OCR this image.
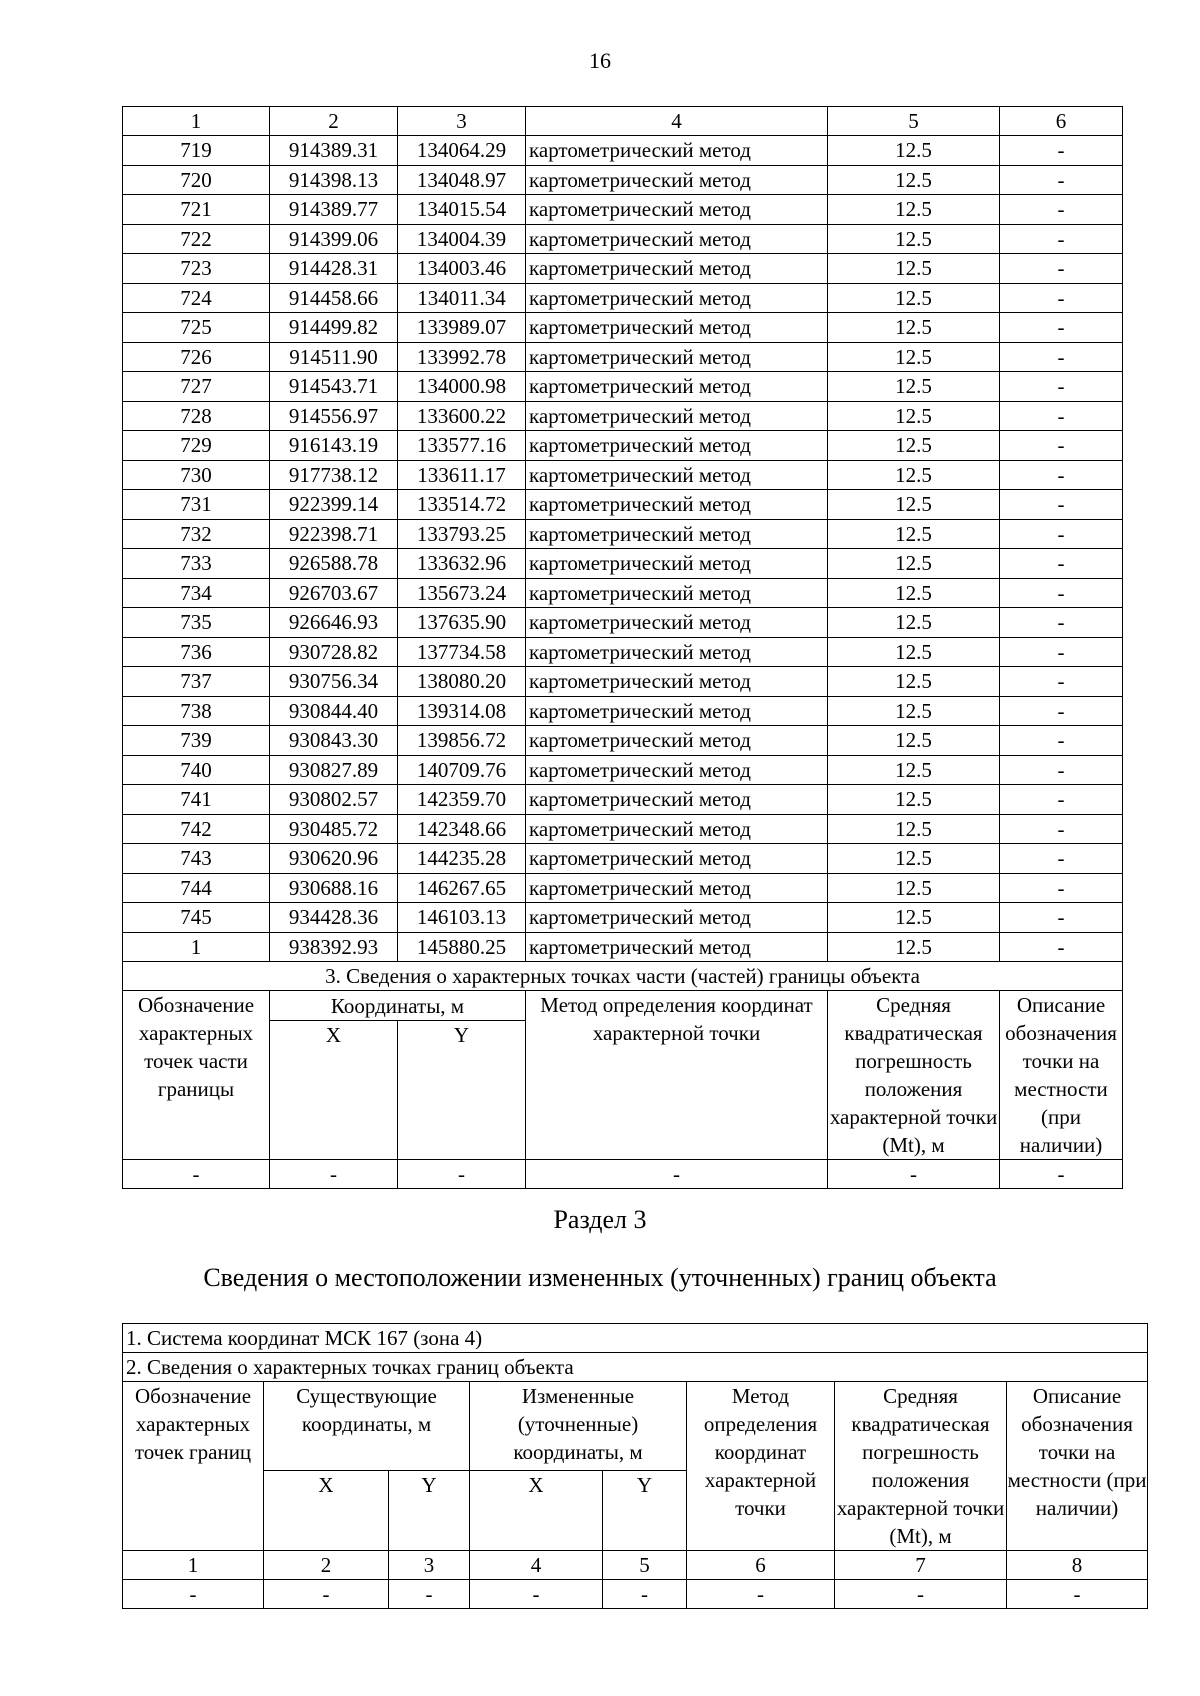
16
1	2	3	4	5	6
719	914389.31	134064.29	картометрический метод	12.5	-
720	914398.13	134048.97	картометрический метод	12.5	-
721	914389.77	134015.54	картометрический метод	12.5	-
722	914399.06	134004.39	картометрический метод	12.5	-
723	914428.31	134003.46	картометрический метод	12.5	-
724	914458.66	134011.34	картометрический метод	12.5	-
725	914499.82	133989.07	картометрический метод	12.5	-
726	914511.90	133992.78	картометрический метод	12.5	-
727	914543.71	134000.98	картометрический метод	12.5	-
728	914556.97	133600.22	картометрический метод	12.5	-
729	916143.19	133577.16	картометрический метод	12.5	-
730	917738.12	133611.17	картометрический метод	12.5	-
731	922399.14	133514.72	картометрический метод	12.5	-
732	922398.71	133793.25	картометрический метод	12.5	-
733	926588.78	133632.96	картометрический метод	12.5	-
734	926703.67	135673.24	картометрический метод	12.5	-
735	926646.93	137635.90	картометрический метод	12.5	-
736	930728.82	137734.58	картометрический метод	12.5	-
737	930756.34	138080.20	картометрический метод	12.5	-
738	930844.40	139314.08	картометрический метод	12.5	-
739	930843.30	139856.72	картометрический метод	12.5	-
740	930827.89	140709.76	картометрический метод	12.5	-
741	930802.57	142359.70	картометрический метод	12.5	-
742	930485.72	142348.66	картометрический метод	12.5	-
743	930620.96	144235.28	картометрический метод	12.5	-
744	930688.16	146267.65	картометрический метод	12.5	-
745	934428.36	146103.13	картометрический метод	12.5	-
1	938392.93	145880.25	картометрический метод	12.5	-
3. Сведения о характерных точках части (частей) границы объекта					
Обозначение характерных точек части границы	Координаты, м		Метод определения координат характерной точки	Средняя квадратическая погрешность положения характерной точки (Mt), м	Описание обозначения точки на местности (при наличии)
	X	Y			
-	-	-	-	-	-
Раздел 3
Сведения о местоположении измененных (уточненных) границ объекта
1. Система координат МСК 167 (зона 4)							
2. Сведения о характерных точках границ объекта							
Обозначение характерных точек границ	Существующие координаты, м		Измененные (уточненные) координаты, м		Метод определения координат характерной точки	Средняя квадратическая погрешность положения характерной точки (Mt), м	Описание обозначения точки на местности (при наличии)
	X	Y	X	Y			
1	2	3	4	5	6	7	8
-	-	-	-	-	-	-	-
